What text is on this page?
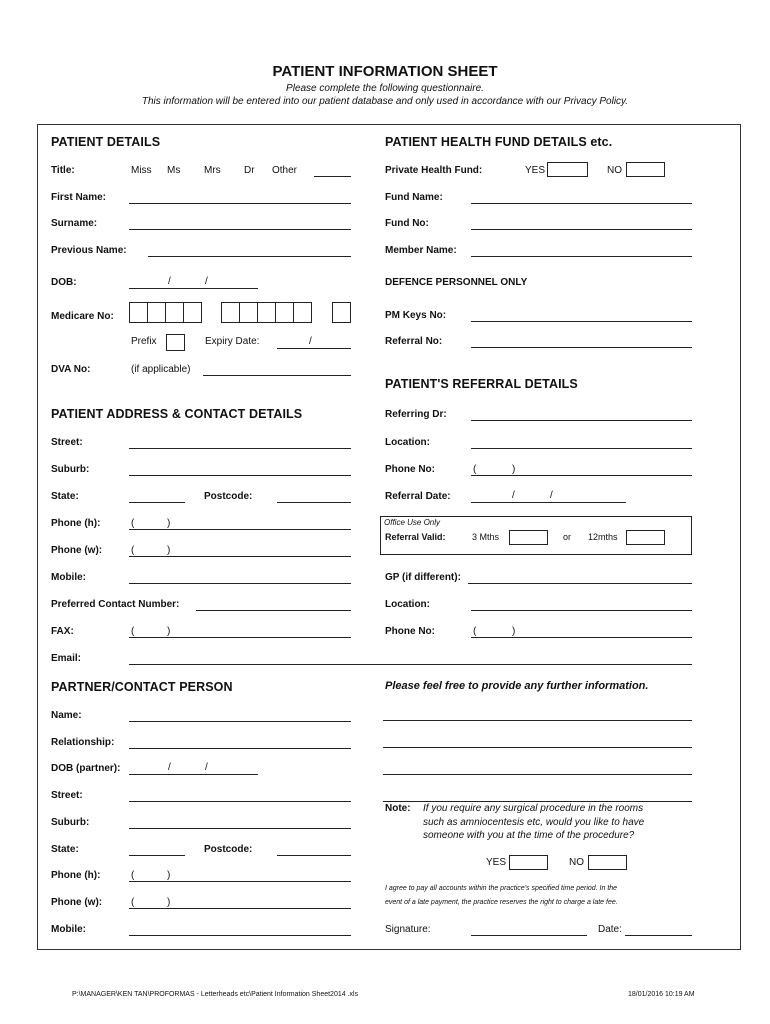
PATIENT INFORMATION SHEET
Please complete the following questionnaire.
This information will be entered into our patient database and only used in accordance with our Privacy Policy.
PATIENT DETAILS
Title:	Miss Ms Mrs Dr Other
First Name:
Surname:
Previous Name:
DOB:	/	/
Medicare No:
Prefix	Expiry Date:	/
DVA No:	(if applicable)
PATIENT ADDRESS & CONTACT DETAILS
Street:
Suburb:
State:	Postcode:
Phone (h):	(	)
Phone (w):	(	)
Mobile:
Preferred Contact Number:
FAX:	(	)
Email:
PARTNER/CONTACT PERSON
Name:
Relationship:
DOB (partner):	/	/
Street:
Suburb:
State:	Postcode:
Phone (h):	(	)
Phone (w):	(	)
Mobile:
PATIENT HEALTH FUND DETAILS etc.
Private Health Fund:	YES	NO
Fund Name:
Fund No:
Member Name:
DEFENCE PERSONNEL ONLY
PM Keys No:
Referral No:
PATIENT'S REFERRAL DETAILS
Referring Dr:
Location:
Phone No:	(	)
Referral Date:	/	/
Office Use Only
Referral Valid:	3 Mths	or 12mths
GP (if different):
Location:
Phone No:	(	)
Please feel free to provide any further information.
Note: If you require any surgical procedure in the rooms
such as amniocentesis etc, would you like to have
someone with you at the time of the procedure?
YES	NO
I agree to pay all accounts within the practice's specified time period. In the
event of a late payment, the practice reserves the right to charge a late fee.
Signature:	Date:
P:\MANAGER\KEN TAN\PROFORMAS - Letterheads etc\Patient Information Sheet2014 .xls	18/01/2016 10:19 AM
